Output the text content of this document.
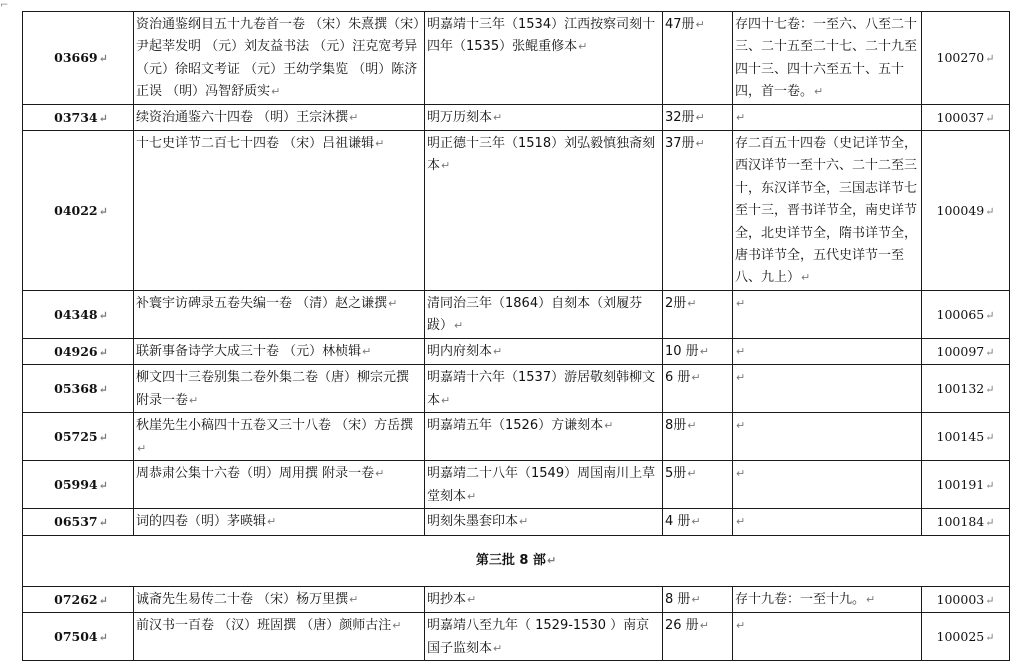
⌐
03669↵	资治通鉴纲目五十九卷首一卷 （宋）朱熹撰（宋）尹起莘发明 （元）刘友益书法 （元）汪克宽考异 （元）徐昭文考证 （元）王幼学集览 （明）陈济正误 （明）冯智舒质实↵	明嘉靖十三年（1534）江西按察司刻十四年（1535）张鲲重修本↵	47册↵	存四十七卷：一至六、八至二十三、二十五至二十七、二十九至四十三、四十六至五十、五十四，首一卷。↵	100270↵
03734↵	续资治通鉴六十四卷 （明）王宗沐撰↵	明万历刻本↵	32册↵	↵	100037↵
04022↵	十七史详节二百七十四卷 （宋）吕祖谦辑↵	明正德十三年（1518）刘弘毅慎独斋刻本↵	37册↵	存二百五十四卷（史记详节全，西汉详节一至十六、二十二至三十，东汉详节全，三国志详节七至十三，晋书详节全，南史详节全，北史详节全，隋书详节全，唐书详节全，五代史详节一至八、九上）↵	100049↵
04348↵	补寰宇访碑录五卷失编一卷 （清）赵之谦撰↵	清同治三年（1864）自刻本（刘履芬跋）↵	2册↵	↵	100065↵
04926↵	联新事备诗学大成三十卷 （元）林桢辑↵	明内府刻本↵	10 册↵	↵	100097↵
05368↵	柳文四十三卷别集二卷外集二卷（唐）柳宗元撰 附录一卷↵	明嘉靖十六年（1537）游居敬刻韩柳文本↵	6 册↵	↵	100132↵
05725↵	秋崖先生小稿四十五卷又三十八卷 （宋）方岳撰↵	明嘉靖五年（1526）方谦刻本↵	8册↵	↵	100145↵
05994↵	周恭肃公集十六卷（明）周用撰 附录一卷↵	明嘉靖二十八年（1549）周国南川上草堂刻本↵	5册↵	↵	100191↵
06537↵	词的四卷（明）茅暎辑↵	明刻朱墨套印本↵	4 册↵	↵	100184↵
第三批 8 部↵					
07262↵	诚斋先生易传二十卷 （宋）杨万里撰↵	明抄本↵	8 册↵	存十九卷：一至十九。↵	100003↵
07504↵	前汉书一百卷 （汉）班固撰 （唐）颜师古注↵	明嘉靖八至九年（ 1529-1530 ）南京国子监刻本↵	26 册↵	↵	100025↵
